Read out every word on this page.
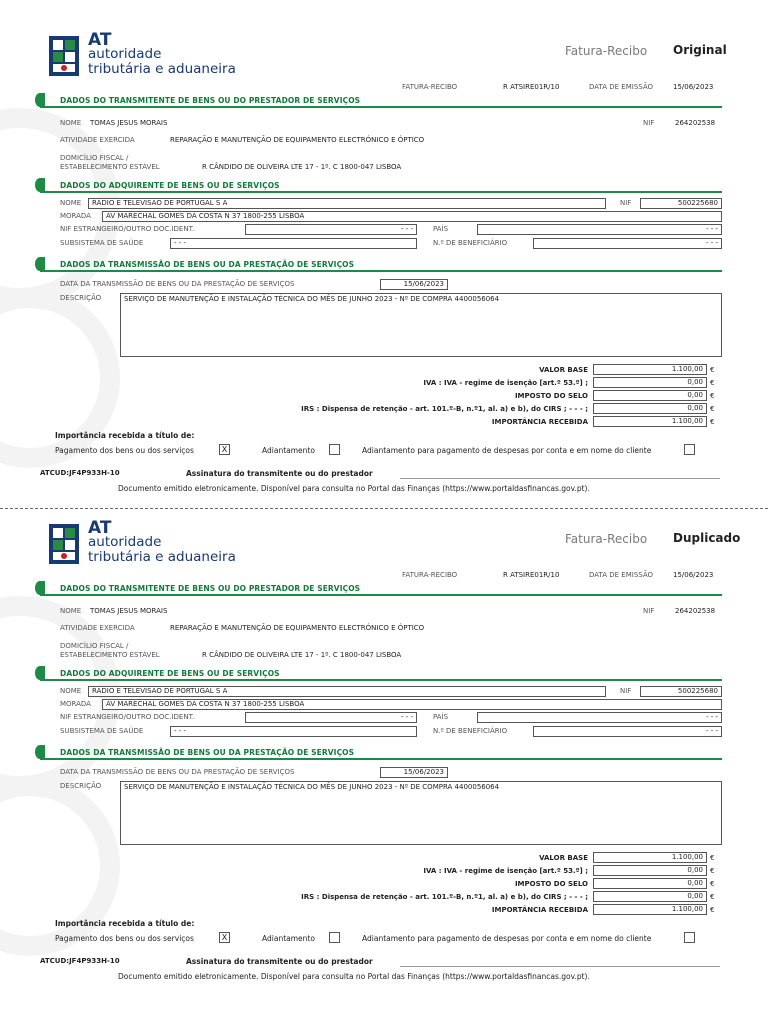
AT
autoridade
tributária e aduaneira
Fatura-Recibo Original
FATURA-RECIBO	R ATSIRE01R/10	DATA DE EMISSÃO	15/06/2023
DADOS DO TRANSMITENTE DE BENS OU DO PRESTADOR DE SERVIÇOS
NOME TOMAS JESUS MORAIS	NIF	264202538
ATIVIDADE EXERCIDA	REPARAÇÃO E MANUTENÇÃO DE EQUIPAMENTO ELECTRÓNICO E ÓPTICO
DOMICÍLIO FISCAL /
ESTABELECIMENTO ESTÁVEL	R CÂNDIDO DE OLIVEIRA LTE 17 - 1º. C 1800-047 LISBOA
DADOS DO ADQUIRENTE DE BENS OU DE SERVIÇOS
NOME	RADIO E TELEVISÃO DE PORTUGAL S A	NIF	500225680
MORADA	AV MARECHAL GOMES DA COSTA N 37 1800-255 LISBOA
NIF ESTRANGEIRO/OUTRO DOC.IDENT.	- - -	PAÍS	- - -
SUBSISTEMA DE SAÚDE	- - -	N.º DE BENEFICIÁRIO	- - -
DADOS DA TRANSMISSÃO DE BENS OU DA PRESTAÇÃO DE SERVIÇOS
DATA DA TRANSMISSÃO DE BENS OU DA PRESTAÇÃO DE SERVIÇOS	15/06/2023
DESCRIÇÃO	SERVIÇO DE MANUTENÇÃO E INSTALAÇÃO TÉCNICA DO MÊS DE JUNHO 2023 - Nº DE COMPRA 4400056064
VALOR BASE	1.100,00	€
IVA : IVA - regime de isenção [art.º 53.º] ;	0,00	€
IMPOSTO DO SELO	0,00	€
IRS : Dispensa de retenção - art. 101.º-B, n.º1, al. a) e b), do CIRS ; - - - ;	0,00	€
IMPORTÂNCIA RECEBIDA	1.100,00	€
Importância recebida a título de:
Pagamento dos bens ou dos serviços	X	Adiantamento	Adiantamento para pagamento de despesas por conta e em nome do cliente
ATCUD:JF4P933H-10	Assinatura do transmitente ou do prestador
Documento emitido eletronicamente. Disponível para consulta no Portal das Finanças (https://www.portaldasfinancas.gov.pt).
AT
autoridade
tributária e aduaneira
Fatura-Recibo Duplicado
FATURA-RECIBO	R ATSIRE01R/10	DATA DE EMISSÃO	15/06/2023
DADOS DO TRANSMITENTE DE BENS OU DO PRESTADOR DE SERVIÇOS
NOME TOMAS JESUS MORAIS	NIF	264202538
ATIVIDADE EXERCIDA	REPARAÇÃO E MANUTENÇÃO DE EQUIPAMENTO ELECTRÓNICO E ÓPTICO
DOMICÍLIO FISCAL /
ESTABELECIMENTO ESTÁVEL	R CÂNDIDO DE OLIVEIRA LTE 17 - 1º. C 1800-047 LISBOA
DADOS DO ADQUIRENTE DE BENS OU DE SERVIÇOS
NOME	RADIO E TELEVISÃO DE PORTUGAL S A	NIF	500225680
MORADA	AV MARECHAL GOMES DA COSTA N 37 1800-255 LISBOA
NIF ESTRANGEIRO/OUTRO DOC.IDENT.	- - -	PAÍS	- - -
SUBSISTEMA DE SAÚDE	- - -	N.º DE BENEFICIÁRIO	- - -
DADOS DA TRANSMISSÃO DE BENS OU DA PRESTAÇÃO DE SERVIÇOS
DATA DA TRANSMISSÃO DE BENS OU DA PRESTAÇÃO DE SERVIÇOS	15/06/2023
DESCRIÇÃO	SERVIÇO DE MANUTENÇÃO E INSTALAÇÃO TÉCNICA DO MÊS DE JUNHO 2023 - Nº DE COMPRA 4400056064
VALOR BASE	1.100,00	€
IVA : IVA - regime de isenção [art.º 53.º] ;	0,00	€
IMPOSTO DO SELO	0,00	€
IRS : Dispensa de retenção - art. 101.º-B, n.º1, al. a) e b), do CIRS ; - - - ;	0,00	€
IMPORTÂNCIA RECEBIDA	1.100,00	€
Importância recebida a título de:
Pagamento dos bens ou dos serviços	X	Adiantamento	Adiantamento para pagamento de despesas por conta e em nome do cliente
ATCUD:JF4P933H-10	Assinatura do transmitente ou do prestador
Documento emitido eletronicamente. Disponível para consulta no Portal das Finanças (https://www.portaldasfinancas.gov.pt).
